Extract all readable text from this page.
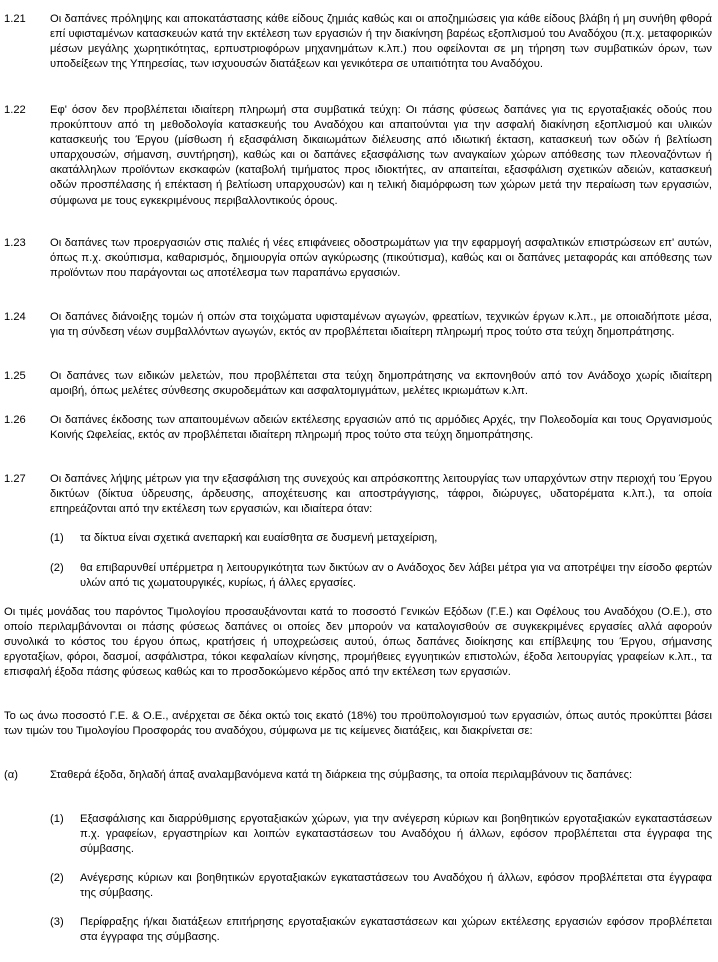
1.21 Οι δαπάνες πρόληψης και αποκατάστασης κάθε είδους ζημιάς καθώς και οι αποζημιώσεις για κάθε είδους βλάβη ή μη συνήθη φθορά επί υφισταμένων κατασκευών κατά την εκτέλεση των εργασιών ή την διακίνηση βαρέως εξοπλισμού του Αναδόχου (π.χ. μεταφορικών μέσων μεγάλης χωρητικότητας, ερπυστριοφόρων μηχανημάτων κ.λπ.) που οφείλονται σε μη τήρηση των συμβατικών όρων, των υποδείξεων της Υπηρεσίας, των ισχυουσών διατάξεων και γενικότερα σε υπαιτιότητα του Αναδόχου.

1.22 Εφ' όσον δεν προβλέπεται ιδιαίτερη πληρωμή στα συμβατικά τεύχη: Οι πάσης φύσεως δαπάνες για τις εργοταξιακές οδούς που προκύπτουν από τη μεθοδολογία κατασκευής του Αναδόχου και απαιτούνται για την ασφαλή διακίνηση εξοπλισμού και υλικών κατασκευής του Έργου (μίσθωση ή εξασφάλιση δικαιωμάτων διέλευσης από ιδιωτική έκταση, κατασκευή των οδών ή βελτίωση υπαρχουσών, σήμανση, συντήρηση), καθώς και οι δαπάνες εξασφάλισης των αναγκαίων χώρων απόθεσης των πλεοναζόντων ή ακατάλληλων προϊόντων εκσκαφών (καταβολή τιμήματος προς ιδιοκτήτες, αν απαιτείται, εξασφάλιση σχετικών αδειών, κατασκευή οδών προσπέλασης ή επέκταση ή βελτίωση υπαρχουσών) και η τελική διαμόρφωση των χώρων μετά την περαίωση των εργασιών, σύμφωνα με τους εγκεκριμένους περιβαλλοντικούς όρους.

1.23 Οι δαπάνες των προεργασιών στις παλιές ή νέες επιφάνειες οδοστρωμάτων για την εφαρμογή ασφαλτικών επιστρώσεων επ' αυτών, όπως π.χ. σκούπισμα, καθαρισμός, δημιουργία οπών αγκύρωσης (πικούτισμα), καθώς και οι δαπάνες μεταφοράς και απόθεσης των προϊόντων που παράγονται ως αποτέλεσμα των παραπάνω εργασιών.

1.24 Οι δαπάνες διάνοιξης τομών ή οπών στα τοιχώματα υφισταμένων αγωγών, φρεατίων, τεχνικών έργων κ.λπ., με οποιαδήποτε μέσα, για τη σύνδεση νέων συμβαλλόντων αγωγών, εκτός αν προβλέπεται ιδιαίτερη πληρωμή προς τούτο στα τεύχη δημοπράτησης.

1.25 Οι δαπάνες των ειδικών μελετών, που προβλέπεται στα τεύχη δημοπράτησης να εκπονηθούν από τον Ανάδοχο χωρίς ιδιαίτερη αμοιβή, όπως μελέτες σύνθεσης σκυροδεμάτων και ασφαλτομιγμάτων, μελέτες ικριωμάτων κ.λπ.

1.26 Οι δαπάνες έκδοσης των απαιτουμένων αδειών εκτέλεσης εργασιών από τις αρμόδιες Αρχές, την Πολεοδομία και τους Οργανισμούς Κοινής Ωφελείας, εκτός αν προβλέπεται ιδιαίτερη πληρωμή προς τούτο στα τεύχη δημοπράτησης.

1.27 Οι δαπάνες λήψης μέτρων για την εξασφάλιση της συνεχούς και απρόσκοπτης λειτουργίας των υπαρχόντων στην περιοχή του Έργου δικτύων (δίκτυα ύδρευσης, άρδευσης, αποχέτευσης και αποστράγγισης, τάφροι, διώρυγες, υδατορέματα κ.λπ.), τα οποία επηρεάζονται από την εκτέλεση των εργασιών, και ιδιαίτερα όταν:

(1) τα δίκτυα είναι σχετικά ανεπαρκή και ευαίσθητα σε δυσμενή μεταχείριση,

(2) θα επιβαρυνθεί υπέρμετρα η λειτουργικότητα των δικτύων αν ο Ανάδοχος δεν λάβει μέτρα για να αποτρέψει την είσοδο φερτών υλών από τις χωματουργικές, κυρίως, ή άλλες εργασίες.

Οι τιμές μονάδας του παρόντος Τιμολογίου προσαυξάνονται κατά το ποσοστό Γενικών Εξόδων (Γ.Ε.) και Οφέλους του Αναδόχου (Ο.Ε.), στο οποίο περιλαμβάνονται οι πάσης φύσεως δαπάνες οι οποίες δεν μπορούν να καταλογισθούν σε συγκεκριμένες εργασίες αλλά αφορούν συνολικά το κόστος του έργου όπως, κρατήσεις ή υποχρεώσεις αυτού, όπως δαπάνες διοίκησης και επίβλεψης του Έργου, σήμανσης εργοταξίων, φόροι, δασμοί, ασφάλιστρα, τόκοι κεφαλαίων κίνησης, προμήθειες εγγυητικών επιστολών, έξοδα λειτουργίας γραφείων κ.λπ., τα επισφαλή έξοδα πάσης φύσεως καθώς και το προσδοκώμενο κέρδος από την εκτέλεση των εργασιών.

Το ως άνω ποσοστό Γ.Ε. & Ο.Ε., ανέρχεται σε δέκα οκτώ τοις εκατό (18%) του προϋπολογισμού των εργασιών, όπως αυτός προκύπτει βάσει των τιμών του Τιμολογίου Προσφοράς του αναδόχου, σύμφωνα με τις κείμενες διατάξεις, και διακρίνεται σε:

(α)	Σταθερά έξοδα, δηλαδή άπαξ αναλαμβανόμενα κατά τη διάρκεια της σύμβασης, τα οποία περιλαμβάνουν τις δαπάνες:

(1) Εξασφάλισης και διαρρύθμισης εργοταξιακών χώρων, για την ανέγερση κύριων και βοηθητικών εργοταξιακών εγκαταστάσεων π.χ. γραφείων, εργαστηρίων και λοιπών εγκαταστάσεων του Αναδόχου ή άλλων, εφόσον προβλέπεται στα έγγραφα της σύμβασης.

(2) Ανέγερσης κύριων και βοηθητικών εργοταξιακών εγκαταστάσεων του Αναδόχου ή άλλων, εφόσον προβλέπεται στα έγγραφα της σύμβασης.

(3) Περίφραξης ή/και διατάξεων επιτήρησης εργοταξιακών εγκαταστάσεων και χώρων εκτέλεσης εργασιών εφόσον προβλέπεται στα έγγραφα της σύμβασης.
